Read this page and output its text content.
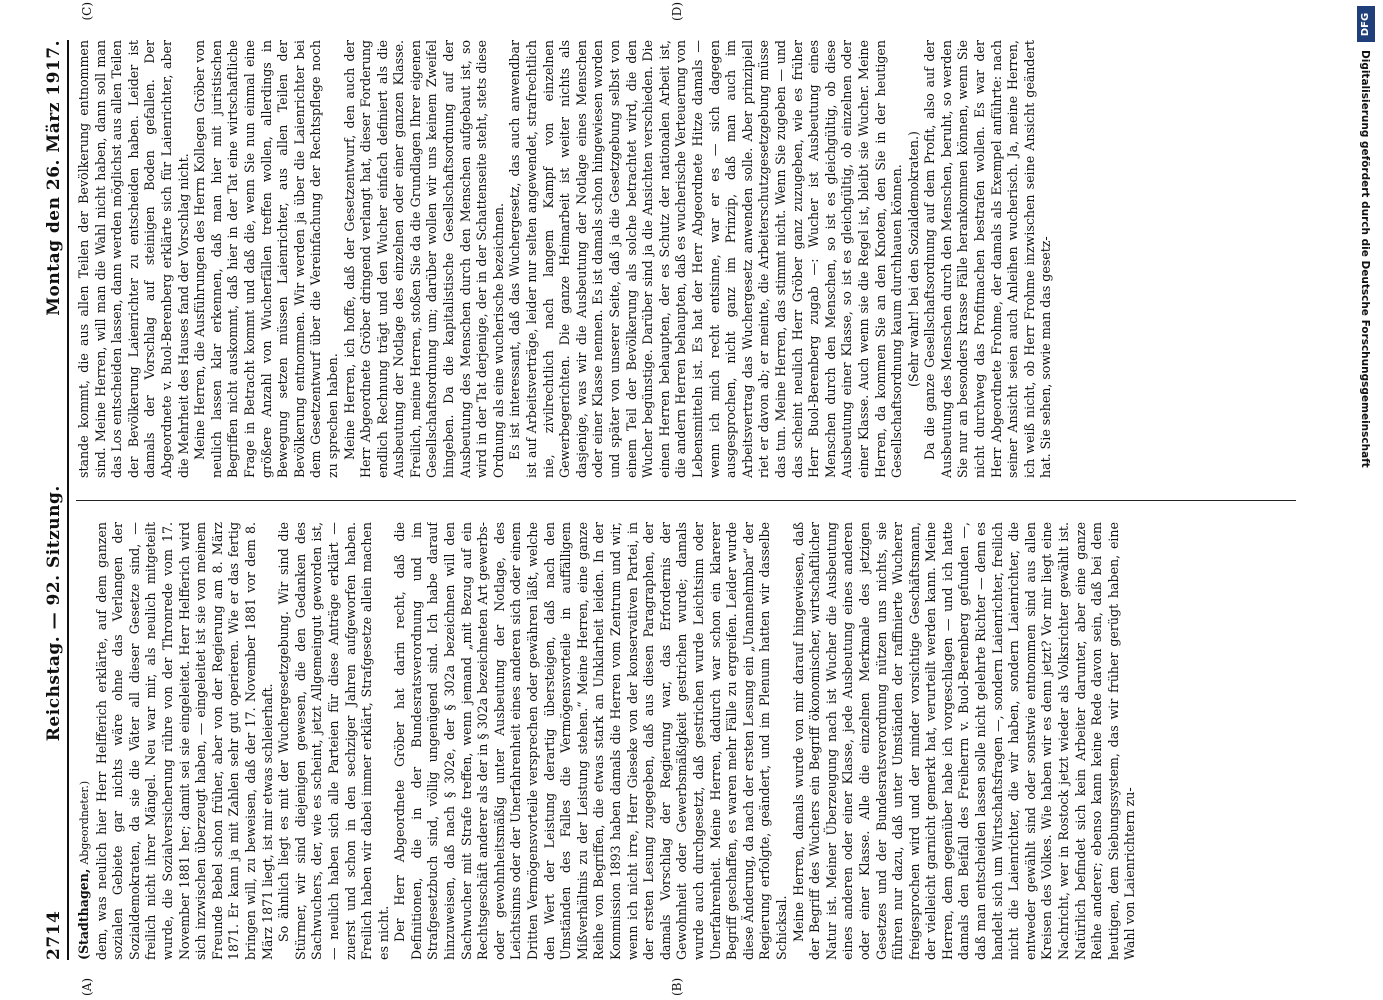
2714
Reichstag. — 92. Sitzung.
Montag den 26. März 1917.
(A)	(B)
(C)	(D)

(Stadthagen, Abgeordneter.) dem, was neulich hier Herr Helfferich erklärte, auf dem ganzen sozialen Gebiete gar nichts wäre ohne das Verlangen der Sozialdemokraten, da sie die Väter all dieser Gesetze sind, — freilich nicht ihrer Mängel. Neu war mir, als neulich mitgeteilt wurde, die Sozialversicherung rühre von der Thronrede vom 17. November 1881 her; damit sei sie eingeleitet. Herr Helfferich wird sich inzwischen überzeugt haben, — eingeleitet ist sie von meinem Freunde Bebel schon früher, aber von der Regierung am 8. März 1871. Er kann ja mit Zahlen sehr gut operieren. Wie er das fertig bringen will, zu beweisen, daß der 17. November 1881 vor dem 8. März 1871 liegt, ist mir etwas schleierhaft. So ähnlich liegt es mit der Wuchergesetzgebung. Wir sind die Stürmer, wir sind diejenigen gewesen, die den Gedanken des Sachwuchers, der, wie es scheint, jetzt Allgemeingut geworden ist, — neulich haben sich alle Parteien für diese Anträge erklärt — zuerst und schon in den sechziger Jahren aufgeworfen haben. Freilich haben wir dabei immer erklärt, Strafgesetze allein machen es nicht. Der Herr Abgeordnete Gröber hat darin recht, daß die Definitionen, die in der Bundesratsverordnung und im Strafgesetzbuch sind, völlig ungenügend sind. Ich habe darauf hinzuweisen, daß nach § 302e, der § 302a bezeichnen will den Sachwucher mit Strafe treffen, wenn jemand „mit Bezug auf ein Rechtsgeschäft anderer als der in § 302a bezeichneten Art gewerbs- oder gewohnheitsmäßig unter Ausbeutung der Notlage, des Leichtsinns oder der Unerfahrenheit eines anderen sich oder einem Dritten Vermögensvorteile versprechen oder gewähren läßt, welche den Wert der Leistung derartig übersteigen, daß nach den Umständen des Falles die Vermögensvorteile in auffälligem Mißverhältnis zu der Leistung stehen.“ Meine Herren, eine ganze Reihe von Begriffen, die etwas stark an Unklarheit leiden. In der Kommission 1893 haben damals die Herren vom Zentrum und wir, wenn ich nicht irre, Herr Gieseke von der konservativen Partei, in der ersten Lesung zugegeben, daß aus diesen Paragraphen, der damals Vorschlag der Regierung war, das Erfordernis der Gewohnheit oder Gewerbsmäßigkeit gestrichen wurde; damals wurde auch durchgesetzt, daß gestrichen wurde Leichtsinn oder Unerfahrenheit. Meine Herren, dadurch war schon ein klarerer Begriff geschaffen, es waren mehr Fälle zu ergreifen. Leider wurde diese Änderung, da nach der ersten Lesung ein „Unannehmbar“ der Regierung erfolgte, geändert, und im Plenum hatten wir dasselbe Schicksal. Meine Herren, damals wurde von mir darauf hingewiesen, daß der Begriff des Wuchers ein Begriff ökonomischer, wirtschaftlicher Natur ist. Meiner Überzeugung nach ist Wucher die Ausbeutung eines anderen oder einer Klasse, jede Ausbeutung eines anderen oder einer Klasse. Alle die einzelnen Merkmale des jetzigen Gesetzes und der Bundesratsverordnung nützen uns nichts, sie führen nur dazu, daß unter Umständen der raffinierte Wucherer freigesprochen wird und der minder vorsichtige Geschäftsmann, der vielleicht garnicht gemerkt hat, verurteilt werden kann. Meine Herren, dem gegenüber habe ich vorgeschlagen — und ich hatte damals den Beifall des Freiherrn v. Buol-Berenberg gefunden —, daß man entscheiden lassen solle nicht gelehrte Richter — denn es handelt sich um Wirtschaftsfragen —, sondern Laienrichter, freilich nicht die Laienrichter, die wir haben, sondern Laienrichter, die entweder gewählt sind oder sonstwie entnommen sind aus allen Kreisen des Volkes. Wie haben wir es denn jetzt? Vor mir liegt eine Nachricht, wer in Rostock jetzt wieder als Volksrichter gewählt ist. Natürlich befindet sich kein Arbeiter darunter, aber eine ganze Reihe anderer; ebenso kann keine Rede davon sein, daß bei dem heutigen, dem Siebungssystem, das wir früher gerügt haben, eine Wahl von Laienrichtern zu-

stande kommt, die aus allen Teilen der Bevölkerung entnommen sind. Meine Herren, will man die Wahl nicht haben, dann soll man das Los entscheiden lassen, dann werden möglichst aus allen Teilen der Bevölkerung Laienrichter zu entscheiden haben. Leider ist damals der Vorschlag auf steinigen Boden gefallen. Der Abgeordnete v. Buol-Berenberg erklärte sich für Laienrichter, aber die Mehrheit des Hauses fand der Vorschlag nicht. Meine Herren, die Ausführungen des Herrn Kollegen Gröber von neulich lassen klar erkennen, daß man hier mit juristischen Begriffen nicht auskommt, daß hier in der Tat eine wirtschaftliche Frage in Betracht kommt und daß die, wenn Sie nun einmal eine größere Anzahl von Wucherfällen treffen wollen, allerdings in Bewegung setzen müssen Laienrichter, aus allen Teilen der Bevölkerung entnommen. Wir werden ja über die Laienrichter bei dem Gesetzentwurf über die Vereinfachung der Rechtspflege noch zu sprechen haben. Meine Herren, ich hoffe, daß der Gesetzentwurf, den auch der Herr Abgeordnete Gröber dringend verlangt hat, dieser Forderung endlich Rechnung trägt und den Wucher einfach definiert als die Ausbeutung der Notlage des einzelnen oder einer ganzen Klasse. Freilich, meine Herren, stoßen Sie da die Grundlagen Ihrer eigenen Gesellschaftsordnung um; darüber wollen wir uns keinem Zweifel hingeben. Da die kapitalistische Gesellschaftsordnung auf der Ausbeutung des Menschen durch den Menschen aufgebaut ist, so wird in der Tat derjenige, der in der Schattenseite steht, stets diese Ordnung als eine wucherische bezeichnen. Es ist interessant, daß das Wuchergesetz, das auch anwendbar ist auf Arbeitsverträge, leider nur selten angewendet, strafrechtlich nie, zivilrechtlich nach langem Kampf von einzelnen Gewerbegerichten. Die ganze Heimarbeit ist weiter nichts als dasjenige, was wir die Ausbeutung der Notlage eines Menschen oder einer Klasse nennen. Es ist damals schon hingewiesen worden und später von unserer Seite, daß ja die Gesetzgebung selbst von einem Teil der Bevölkerung als solche betrachtet wird, die den Wucher begünstige. Darüber sind ja die Ansichten verschieden. Die einen Herren behaupten, der es Schutz der nationalen Arbeit ist, die andern Herren behaupten, daß es wucherische Verteuerung von Lebensmitteln ist. Es hat der Herr Abgeordnete Hitze damals — wenn ich mich recht entsinne, war er es — sich dagegen ausgesprochen, nicht ganz im Prinzip, daß man auch im Arbeitsvertrag das Wuchergesetz anwenden solle. Aber prinzipiell riet er davon ab; er meinte, die Arbeiterschutzgesetzgebung müsse das tun. Meine Herren, das stimmt nicht. Wenn Sie zugeben — und das scheint neulich Herr Gröber ganz zuzugeben, wie es früher Herr Buol-Berenberg zugab —: Wucher ist Ausbeutung eines Menschen durch den Menschen, so ist es gleichgültig, ob diese Ausbeutung einer Klasse, so ist es gleichgültig, ob einzelnen oder einer Klasse. Auch wenn sie die Regel ist, bleibt sie Wucher. Meine Herren, da kommen Sie an den Knoten, den Sie in der heutigen Gesellschaftsordnung kaum durchhauen können. (Sehr wahr! bei den Sozialdemokraten.) Da die ganze Gesellschaftsordnung auf dem Profit, also auf der Ausbeutung des Menschen durch den Menschen, beruht, so werden Sie nur an besonders krasse Fälle herankommen können, wenn Sie nicht durchweg das Profitmachen bestrafen wollen. Es war der Herr Abgeordnete Frohme, der damals als Exempel anführte: nach seiner Ansicht seien auch Anleihen wucherisch. Ja, meine Herren, ich weiß nicht, ob Herr Frohme inzwischen seine Ansicht geändert hat. Sie sehen, sowie man das gesetz-

DFG
Digitalisierung gefördert durch die Deutsche Forschungsgemeinschaft
